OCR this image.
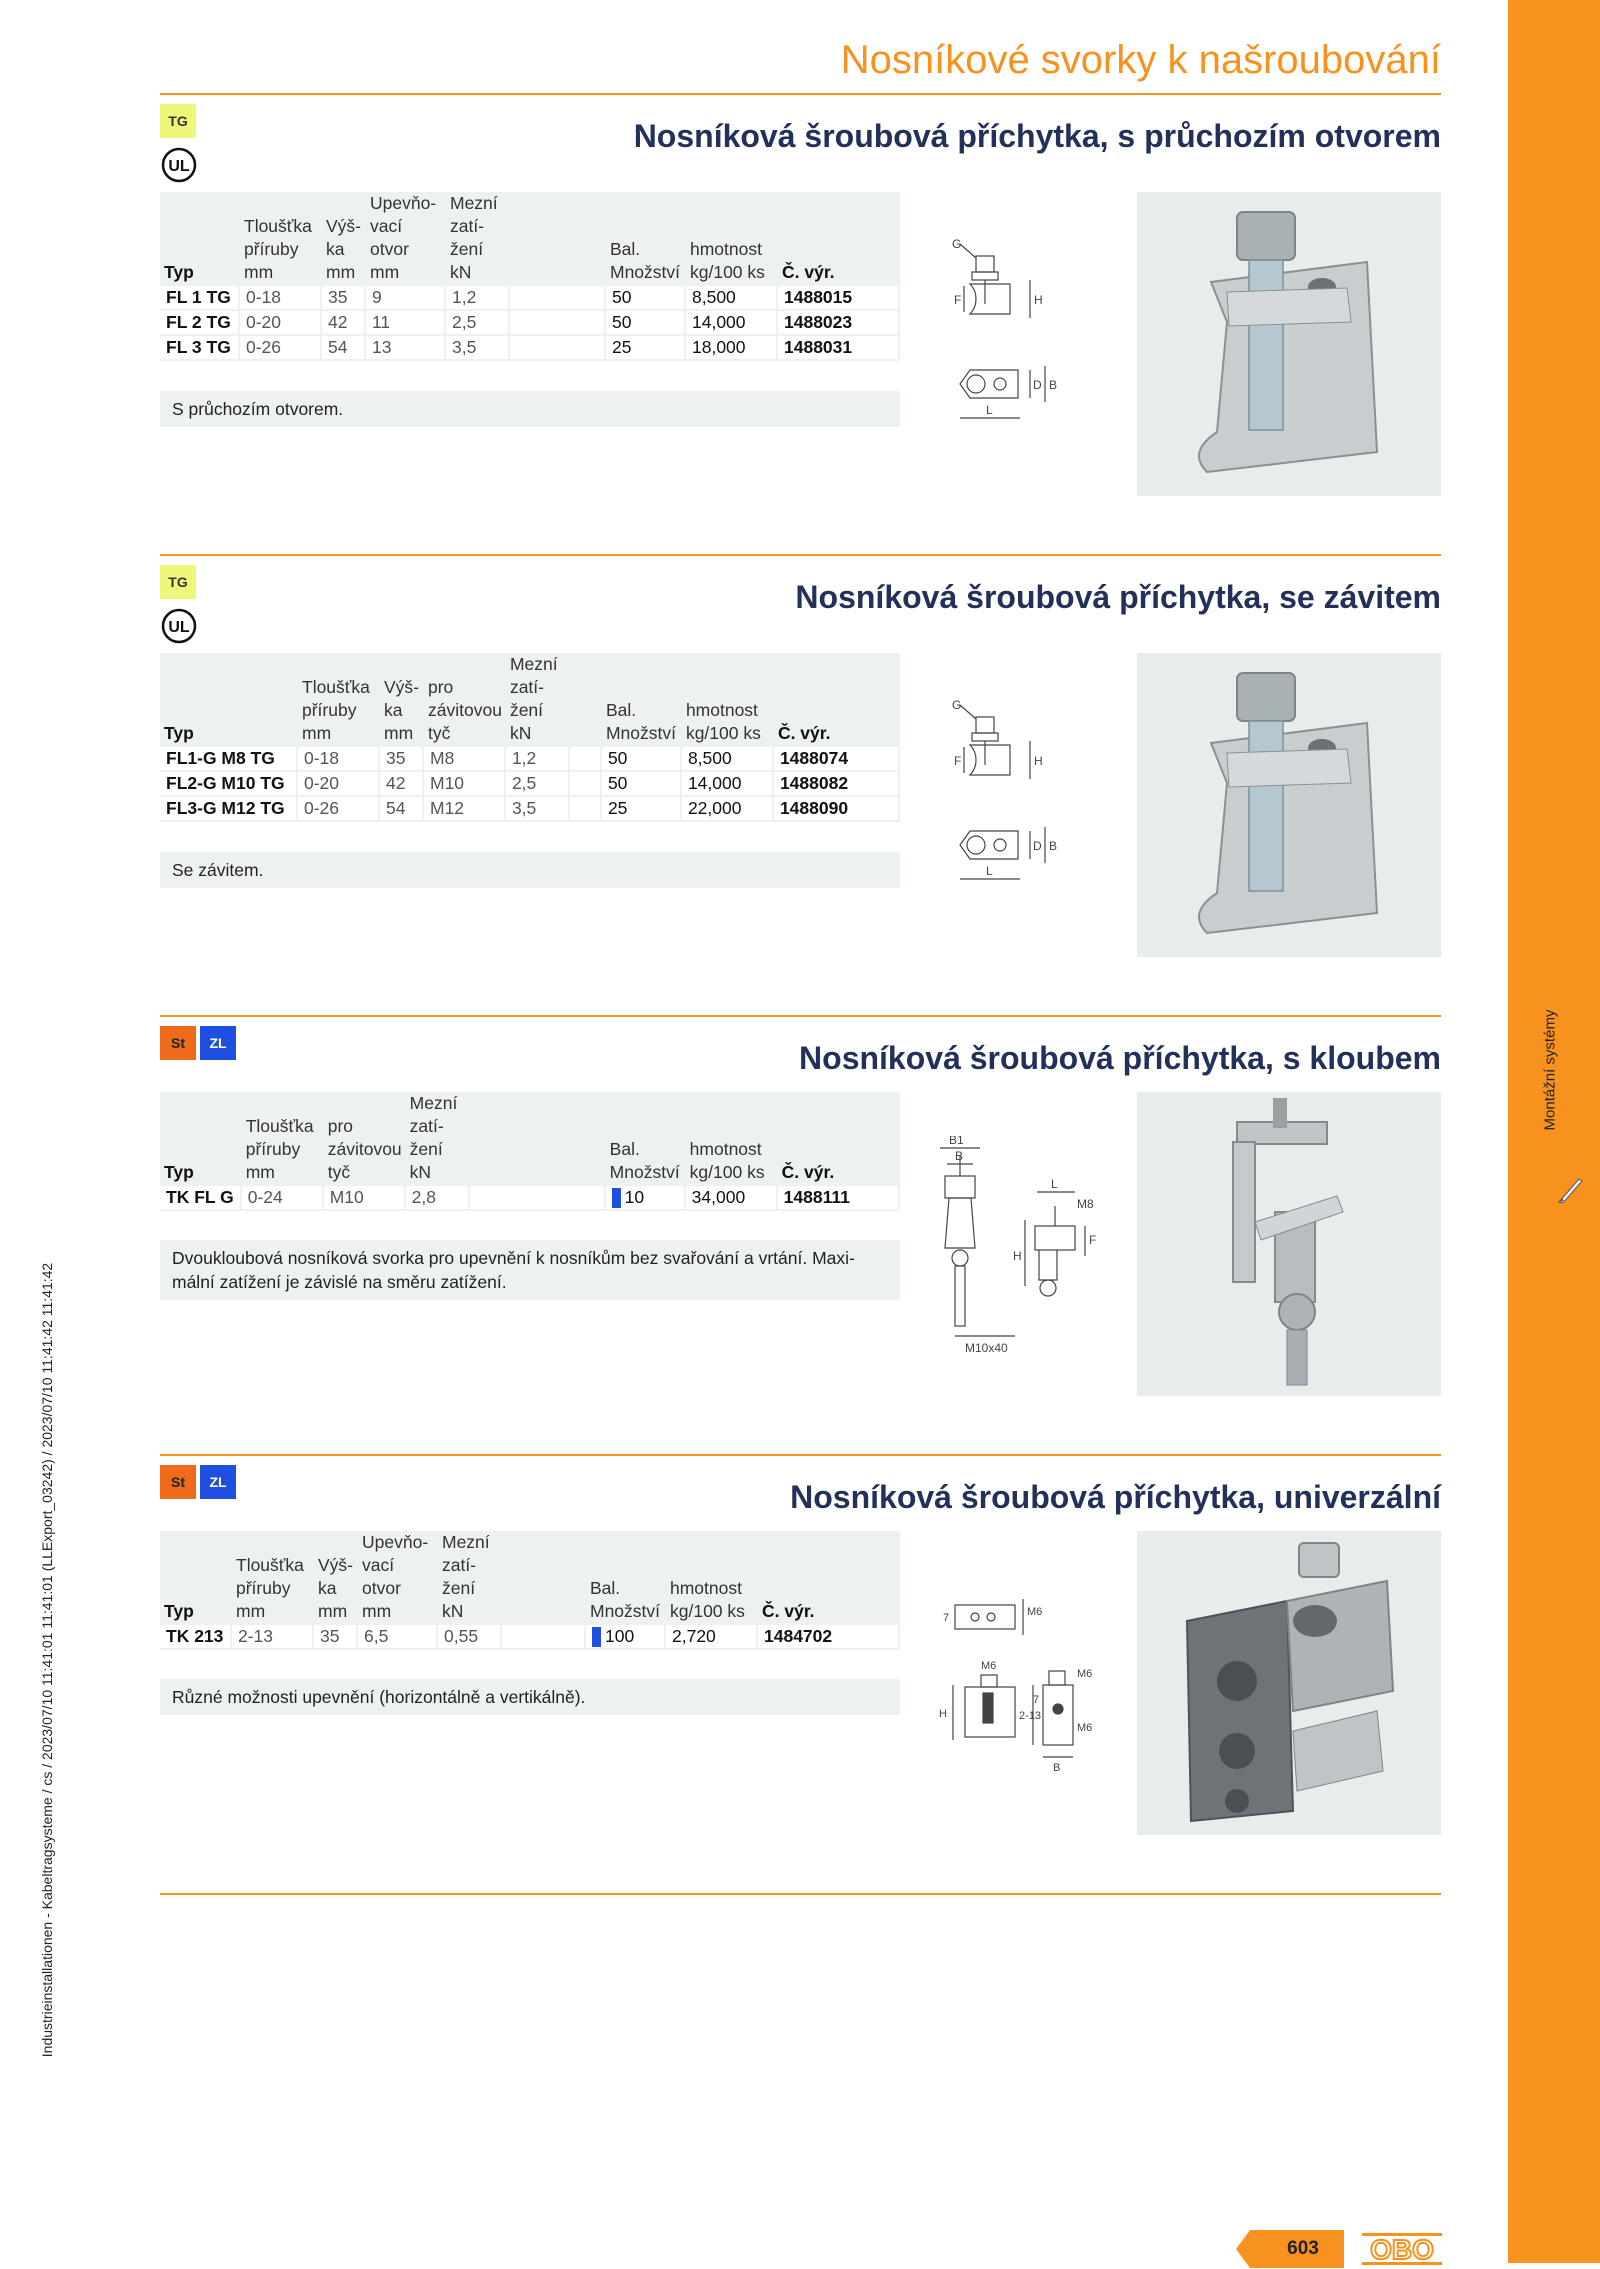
Montážní systémy
Industrieinstallationen - Kabeltragsysteme / cs / 2023/07/10 11:41:01 11:41:01 (LLExport_03242) / 2023/07/10 11:41:42 11:41:42
Nosníkové svorky k našroubování
TG
UL
Nosníková šroubová příchytka, s průchozím otvorem
Typ	Tloušťka
příruby
mm	Výš-
ka
mm	Upevňo-
vací
otvor
mm	Mezní
zatí-
žení
kN		Bal.
Množství	hmotnost
kg/100 ks	Č. výr.
FL 1 TG	0-18	35	9	1,2		50	8,500	1488015
FL 2 TG	0-20	42	11	2,5		50	14,000	1488023
FL 3 TG	0-26	54	13	3,5		25	18,000	1488031
S průchozím otvorem.
G
F	H
D B
L
TG
UL
Nosníková šroubová příchytka, se závitem
Typ	Tloušťka
příruby
mm	Výš-
ka
mm	pro
závitovou
tyč	Mezní
zatí-
žení
kN		Bal.
Množství	hmotnost
kg/100 ks	Č. výr.
FL1-G M8 TG	0-18	35	M8	1,2		50	8,500	1488074
FL2-G M10 TG	0-20	42	M10	2,5		50	14,000	1488082
FL3-G M12 TG	0-26	54	M12	3,5		25	22,000	1488090
Se závitem.
G
F	H
D B
L
St	ZL	Nosníková šroubová příchytka, s kloubem
Typ	Tloušťka
příruby
mm	pro
závitovou
tyč	Mezní
zatí-
žení
kN		Bal.
Množství	hmotnost
kg/100 ks	Č. výr.
TK FL G	0-24	M10	2,8		10	34,000	1488111
Dvoukloubová nosníková svorka pro upevnění k nosníkům bez svařování a vrtání. Maxi-mální zatížení je závislé na směru zatížení.
B1
B
L
M8
H
F
M10x40
St	ZL	Nosníková šroubová příchytka, univerzální
Typ	Tloušťka
příruby
mm	Výš-
ka
mm	Upevňo-
vací
otvor
mm	Mezní
zatí-
žení
kN		Bal.
Množství	hmotnost
kg/100 ks	Č. výr.
TK 213	2-13	35	6,5	0,55		100	2,720	1484702
Různé možnosti upevnění (horizontálně a vertikálně).
7	M6
M6
H	2-13
7
M6
M6
B
603	OBO
